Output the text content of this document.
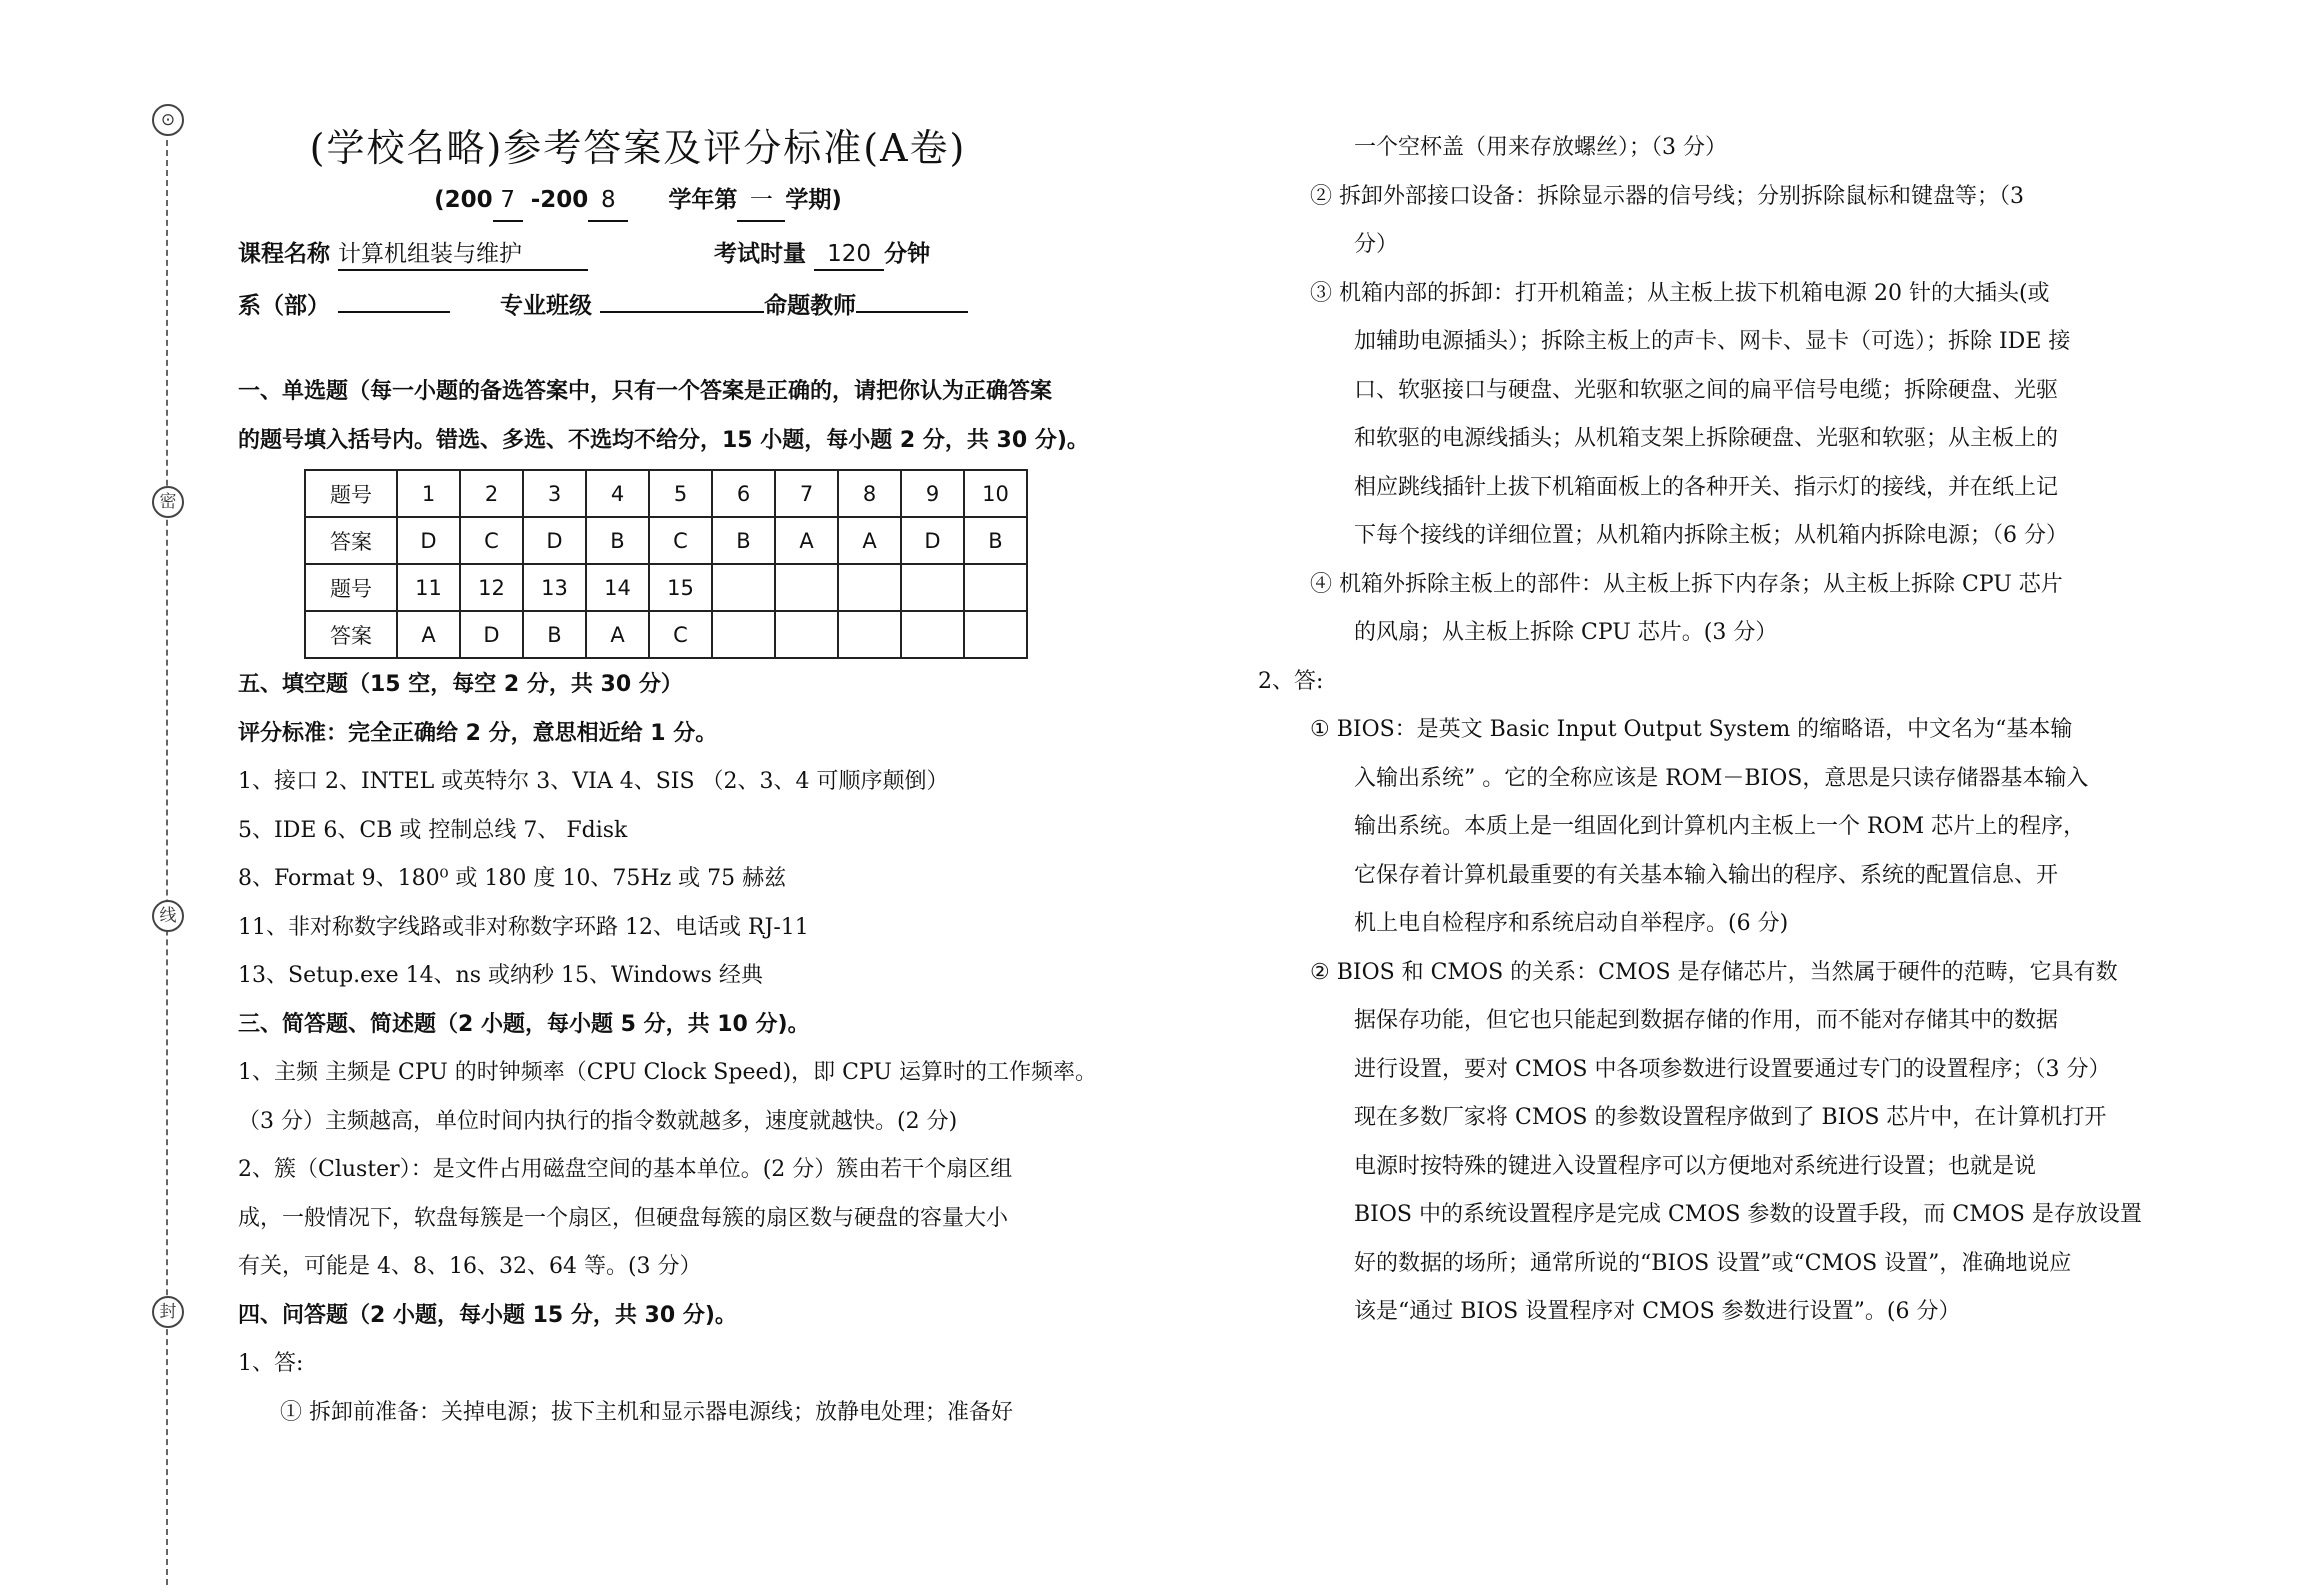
⊙
密
线
封
(学校名略)参考答案及评分标准(A卷)
(200 7 -200 8 学年第 一 学期)
课程名称 计算机组装与维护	考试时量 120 分钟
系（部）	专业班级	命题教师
一、单选题（每一小题的备选答案中，只有一个答案是正确的，请把你认为正确答案
的题号填入括号内。错选、多选、不选均不给分，15 小题，每小题 2 分，共 30 分)。
题号	1	2	3	4	5	6	7	8	9	10
答案	D	C	D	B	C	B	A	A	D	B
题号	11	12	13	14	15					
答案	A	D	B	A	C					
五、填空题（15 空，每空 2 分，共 30 分）
评分标准：完全正确给 2 分，意思相近给 1 分。
1、接口 2、INTEL 或英特尔 3、VIA 4、SIS （2、3、4 可顺序颠倒）
5、IDE 6、CB 或 控制总线 7、 Fdisk
8、Format 9、180⁰ 或 180 度 10、75Hz 或 75 赫兹
11、非对称数字线路或非对称数字环路 12、电话或 RJ-11
13、Setup.exe 14、ns 或纳秒 15、Windows 经典
三、简答题、简述题（2 小题，每小题 5 分，共 10 分)。
1、主频 主频是 CPU 的时钟频率（CPU Clock Speed)，即 CPU 运算时的工作频率。
（3 分）主频越高，单位时间内执行的指令数就越多，速度就越快。(2 分)
2、簇（Cluster）：是文件占用磁盘空间的基本单位。(2 分）簇由若干个扇区组
成，一般情况下，软盘每簇是一个扇区，但硬盘每簇的扇区数与硬盘的容量大小
有关，可能是 4、8、16、32、64 等。(3 分）
四、问答题（2 小题，每小题 15 分，共 30 分)。
1、答:
① 拆卸前准备：关掉电源；拔下主机和显示器电源线；放静电处理；准备好
一个空杯盖（用来存放螺丝）；（3 分）
② 拆卸外部接口设备：拆除显示器的信号线；分别拆除鼠标和键盘等；（3
分）
③ 机箱内部的拆卸：打开机箱盖；从主板上拔下机箱电源 20 针的大插头(或
加辅助电源插头）；拆除主板上的声卡、网卡、显卡（可选）；拆除 IDE 接
口、软驱接口与硬盘、光驱和软驱之间的扁平信号电缆；拆除硬盘、光驱
和软驱的电源线插头；从机箱支架上拆除硬盘、光驱和软驱；从主板上的
相应跳线插针上拔下机箱面板上的各种开关、指示灯的接线，并在纸上记
下每个接线的详细位置；从机箱内拆除主板；从机箱内拆除电源；（6 分）
④ 机箱外拆除主板上的部件：从主板上拆下内存条；从主板上拆除 CPU 芯片
的风扇；从主板上拆除 CPU 芯片。(3 分）
2、答:
① BIOS：是英文 Basic Input Output System 的缩略语，中文名为“基本输
入输出系统” 。它的全称应该是 ROM－BIOS，意思是只读存储器基本输入
输出系统。本质上是一组固化到计算机内主板上一个 ROM 芯片上的程序，
它保存着计算机最重要的有关基本输入输出的程序、系统的配置信息、开
机上电自检程序和系统启动自举程序。(6 分)
② BIOS 和 CMOS 的关系：CMOS 是存储芯片，当然属于硬件的范畴，它具有数
据保存功能，但它也只能起到数据存储的作用，而不能对存储其中的数据
进行设置，要对 CMOS 中各项参数进行设置要通过专门的设置程序；（3 分）
现在多数厂家将 CMOS 的参数设置程序做到了 BIOS 芯片中，在计算机打开
电源时按特殊的键进入设置程序可以方便地对系统进行设置；也就是说
BIOS 中的系统设置程序是完成 CMOS 参数的设置手段，而 CMOS 是存放设置
好的数据的场所；通常所说的“BIOS 设置”或“CMOS 设置”，准确地说应
该是“通过 BIOS 设置程序对 CMOS 参数进行设置”。(6 分）
